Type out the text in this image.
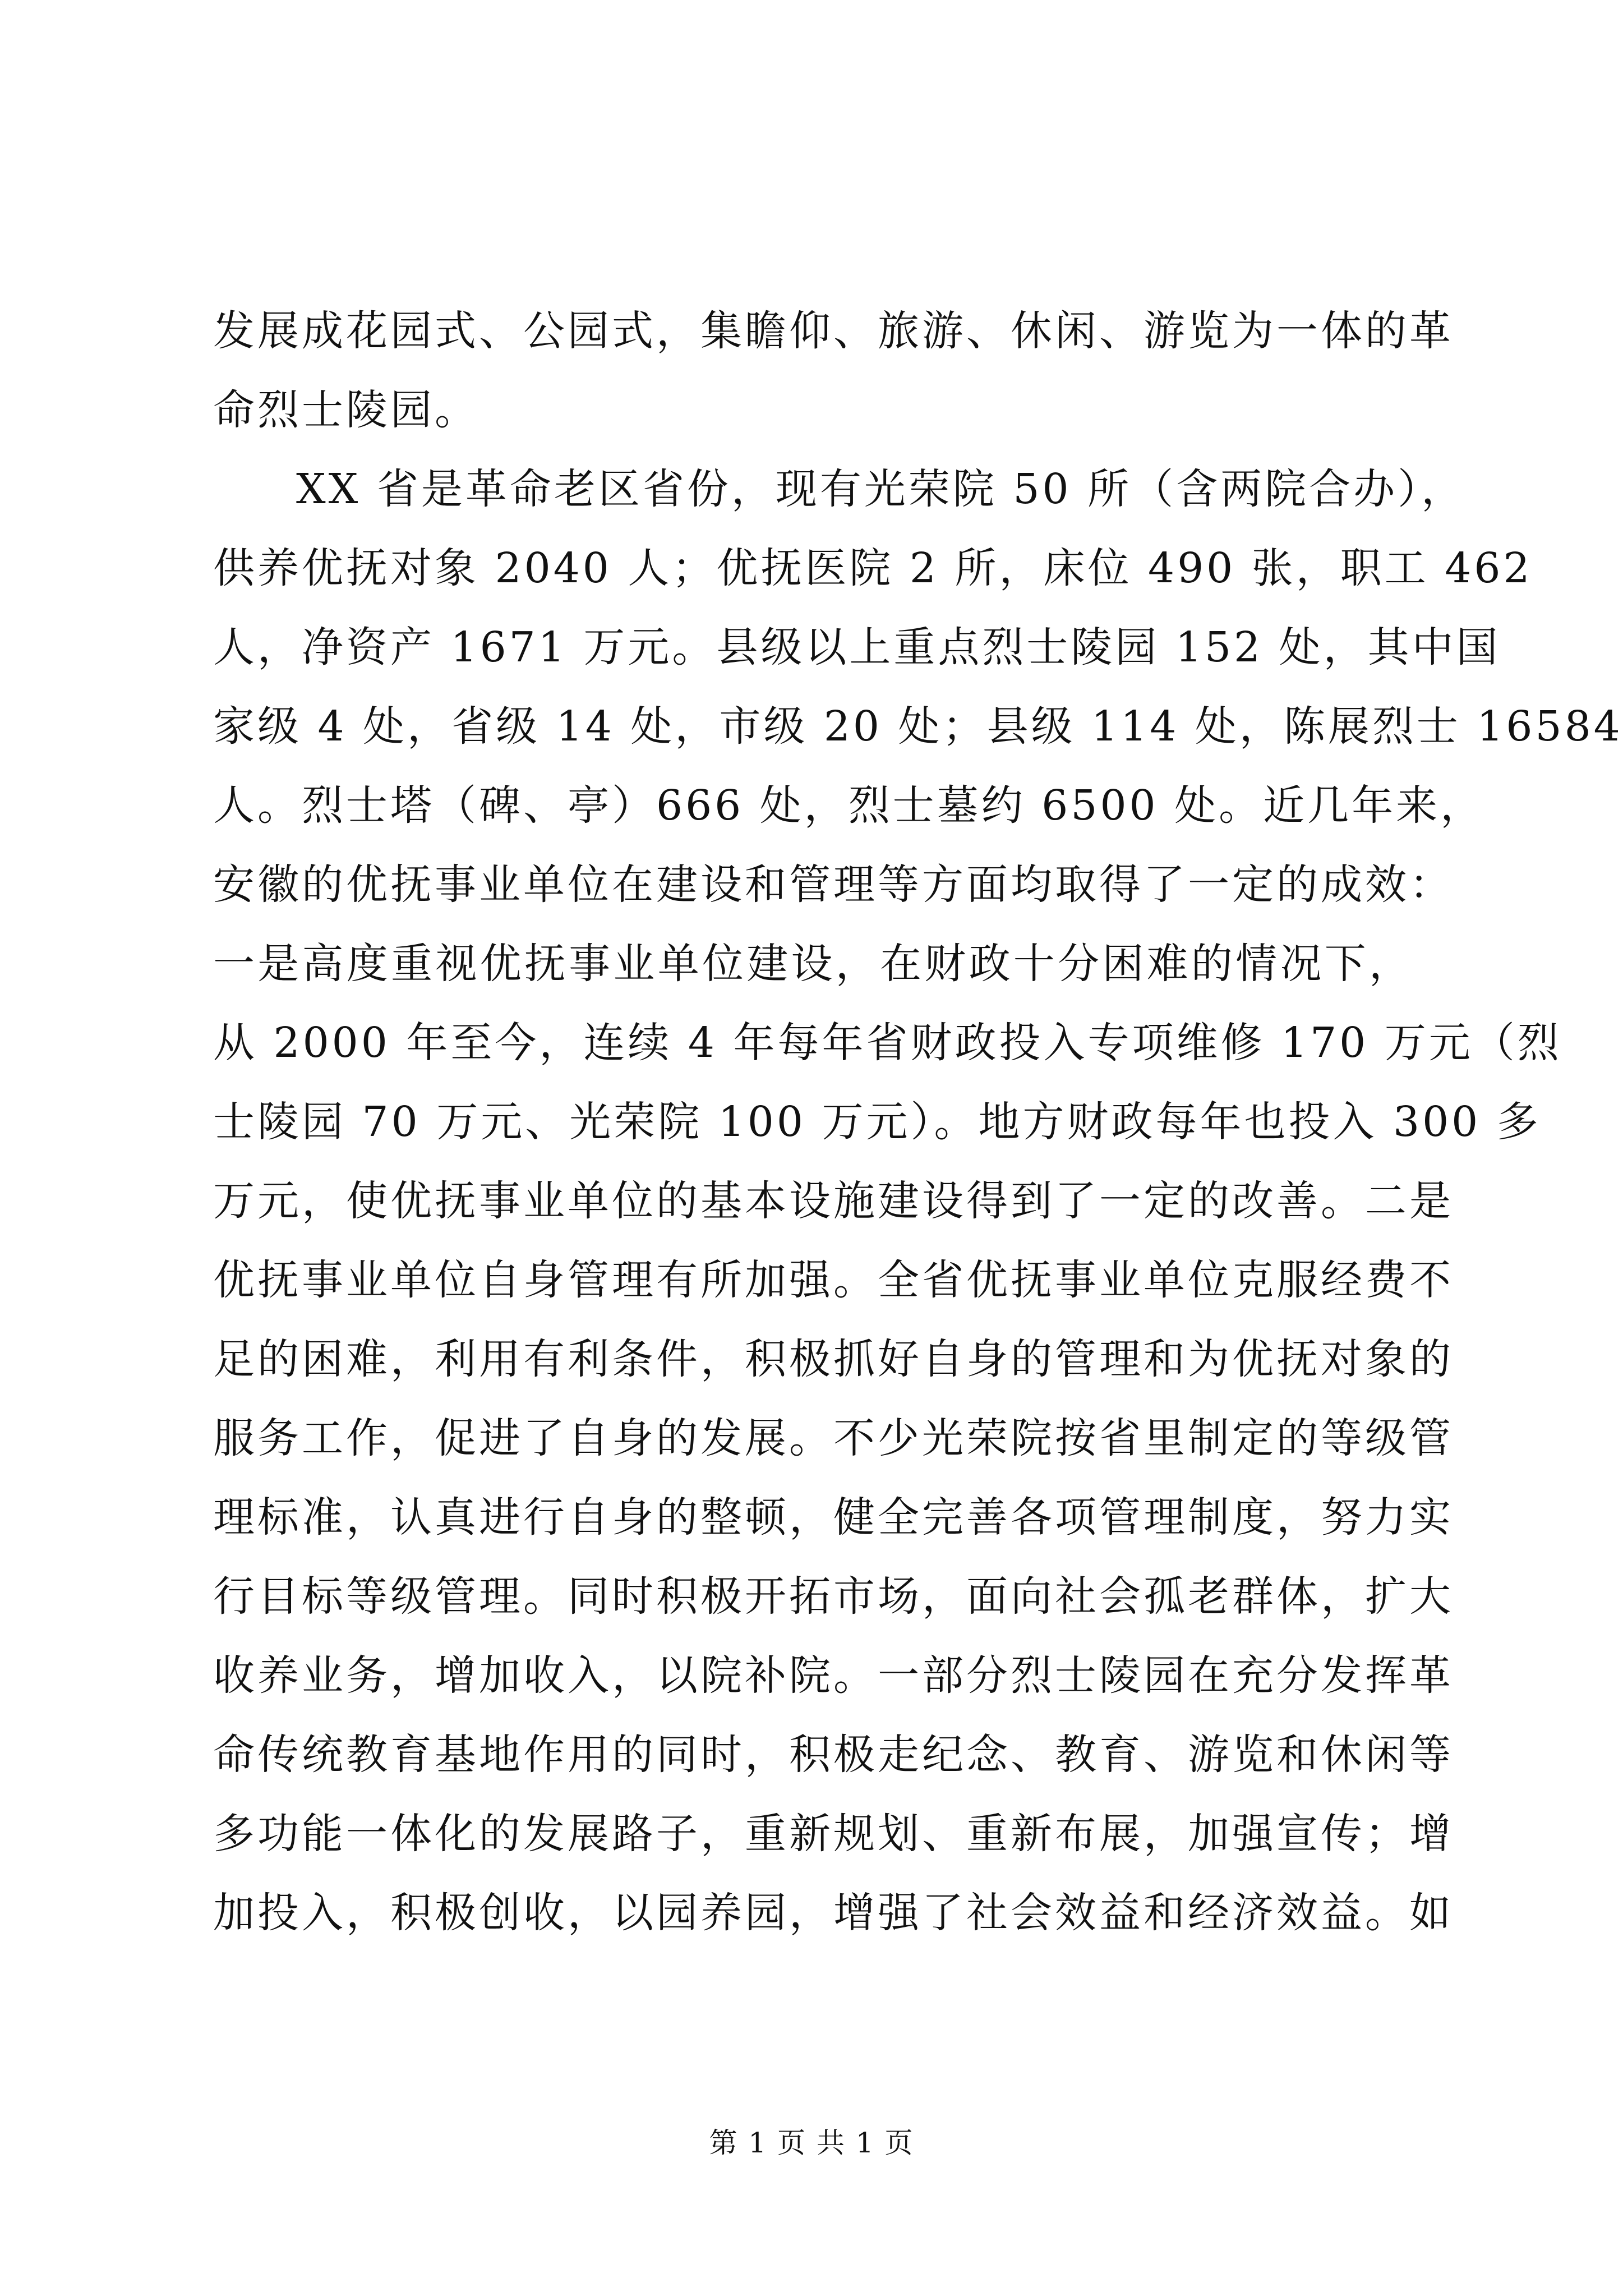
发展成花园式、公园式，集瞻仰、旅游、休闲、游览为一体的革
命烈士陵园。
XX 省是革命老区省份，现有光荣院 50 所（含两院合办），
供养优抚对象 2040 人；优抚医院 2 所，床位 490 张，职工 462
人，净资产 1671 万元。县级以上重点烈士陵园 152 处，其中国
家级 4 处，省级 14 处，市级 20 处；县级 114 处，陈展烈士 16584
人。烈士塔（碑、亭）666 处，烈士墓约 6500 处。近几年来，
安徽的优抚事业单位在建设和管理等方面均取得了一定的成效：
一是高度重视优抚事业单位建设，在财政十分困难的情况下，
从 2000 年至今，连续 4 年每年省财政投入专项维修 170 万元（烈
士陵园 70 万元、光荣院 100 万元）。地方财政每年也投入 300 多
万元，使优抚事业单位的基本设施建设得到了一定的改善。二是
优抚事业单位自身管理有所加强。全省优抚事业单位克服经费不
足的困难，利用有利条件，积极抓好自身的管理和为优抚对象的
服务工作，促进了自身的发展。不少光荣院按省里制定的等级管
理标准，认真进行自身的整顿，健全完善各项管理制度，努力实
行目标等级管理。同时积极开拓市场，面向社会孤老群体，扩大
收养业务，增加收入，以院补院。一部分烈士陵园在充分发挥革
命传统教育基地作用的同时，积极走纪念、教育、游览和休闲等
多功能一体化的发展路子，重新规划、重新布展，加强宣传；增
加投入，积极创收，以园养园，增强了社会效益和经济效益。如
第 1 页 共 1 页
